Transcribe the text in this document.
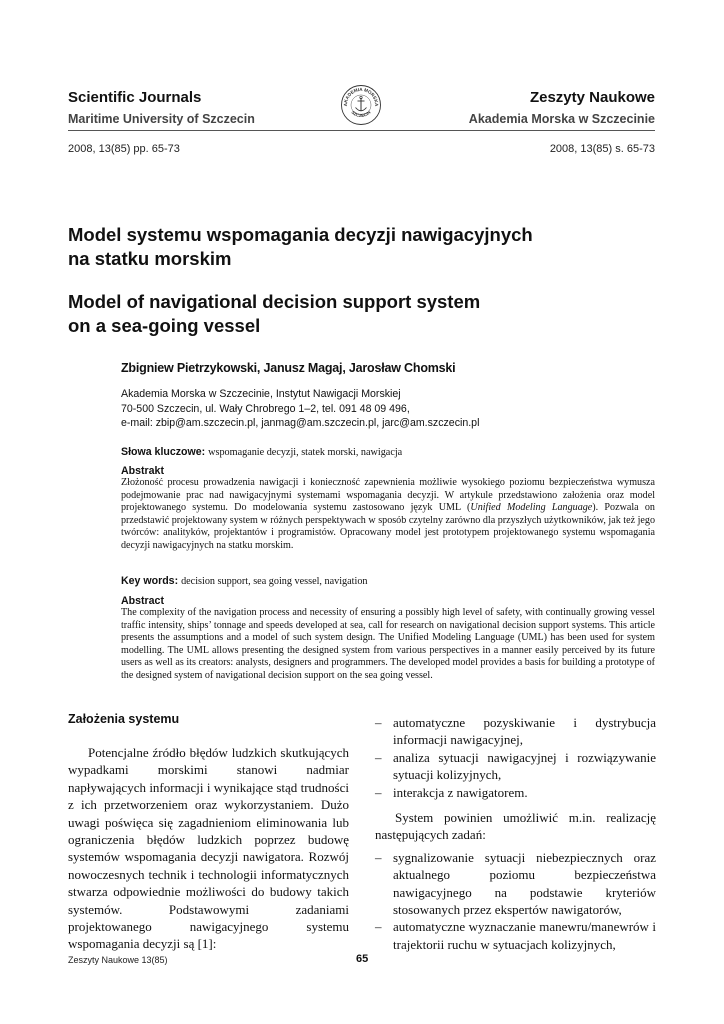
Scientific Journals
Maritime University of Szczecin
AKADEMIA MORSKA
SZCZECIN
Zeszyty Naukowe
Akademia Morska w Szczecinie
2008, 13(85) pp. 65-73	2008, 13(85) s. 65-73
Model systemu wspomagania decyzji nawigacyjnych
na statku morskim
Model of navigational decision support system
on a sea-going vessel
Zbigniew Pietrzykowski, Janusz Magaj, Jarosław Chomski
Akademia Morska w Szczecinie, Instytut Nawigacji Morskiej
70-500 Szczecin, ul. Wały Chrobrego 1–2, tel. 091 48 09 496,
e-mail: zbip@am.szczecin.pl, janmag@am.szczecin.pl, jarc@am.szczecin.pl
Słowa kluczowe: wspomaganie decyzji, statek morski, nawigacja
Abstrakt
Złożoność procesu prowadzenia nawigacji i konieczność zapewnienia możliwie wysokiego poziomu bezpieczeństwa wymusza podejmowanie prac nad nawigacyjnymi systemami wspomagania decyzji. W artykule przedstawiono założenia oraz model projektowanego systemu. Do modelowania systemu zastosowano język UML (Unified Modeling Language). Pozwala on przedstawić projektowany system w różnych perspektywach w sposób czytelny zarówno dla przyszłych użytkowników, jak też jego twórców: analityków, projektantów i programistów. Opracowany model jest prototypem projektowanego systemu wspomagania decyzji nawigacyjnych na statku morskim.
Key words: decision support, sea going vessel, navigation
Abstract
The complexity of the navigation process and necessity of ensuring a possibly high level of safety, with continually growing vessel traffic intensity, ships’ tonnage and speeds developed at sea, call for research on navigational decision support systems. This article presents the assumptions and a model of such system design. The Unified Modeling Language (UML) has been used for system modelling. The UML allows presenting the designed system from various perspectives in a manner easily perceived by its future users as well as its creators: analysts, designers and programmers. The developed model provides a basis for building a prototype of the designed system of navigational decision support on the sea going vessel.
Założenia systemu
Potencjalne źródło błędów ludzkich skutkujących wypadkami morskimi stanowi nadmiar napływających informacji i wynikające stąd trudności z ich przetworzeniem oraz wykorzystaniem. Dużo uwagi poświęca się zagadnieniom eliminowania lub ograniczenia błędów ludzkich poprzez budowę systemów wspomagania decyzji nawigatora. Rozwój nowoczesnych technik i technologii informatycznych stwarza odpowiednie możliwości do budowy takich systemów. Podstawowymi zadaniami projektowanego nawigacyjnego systemu wspomagania decyzji są [1]:
– automatyczne pozyskiwanie i dystrybucja informacji nawigacyjnej,
– analiza sytuacji nawigacyjnej i rozwiązywanie sytuacji kolizyjnych,
– interakcja z nawigatorem.
System powinien umożliwić m.in. realizację następujących zadań:
– sygnalizowanie sytuacji niebezpiecznych oraz aktualnego poziomu bezpieczeństwa nawigacyjnego na podstawie kryteriów stosowanych przez ekspertów nawigatorów,
– automatyczne wyznaczanie manewru/manewrów i trajektorii ruchu w sytuacjach kolizyjnych,
Zeszyty Naukowe 13(85)	65
